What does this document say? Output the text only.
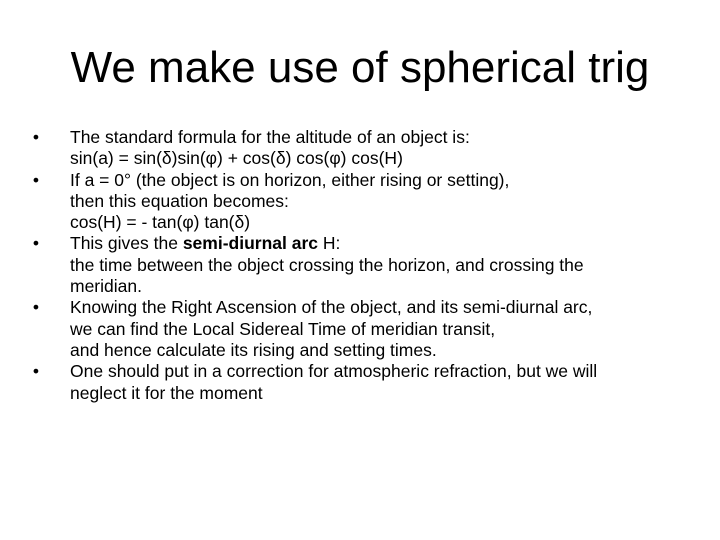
We make use of spherical trig
• The standard formula for the altitude of an object is:
sin(a) = sin(δ)sin(φ) + cos(δ) cos(φ) cos(H)
• If a = 0° (the object is on horizon, either rising or setting),
then this equation becomes:
cos(H) = - tan(φ) tan(δ)
• This gives the semi-diurnal arc H:
the time between the object crossing the horizon, and crossing the
meridian.
• Knowing the Right Ascension of the object, and its semi-diurnal arc,
we can find the Local Sidereal Time of meridian transit,
and hence calculate its rising and setting times.
• One should put in a correction for atmospheric refraction, but we will
neglect it for the moment
